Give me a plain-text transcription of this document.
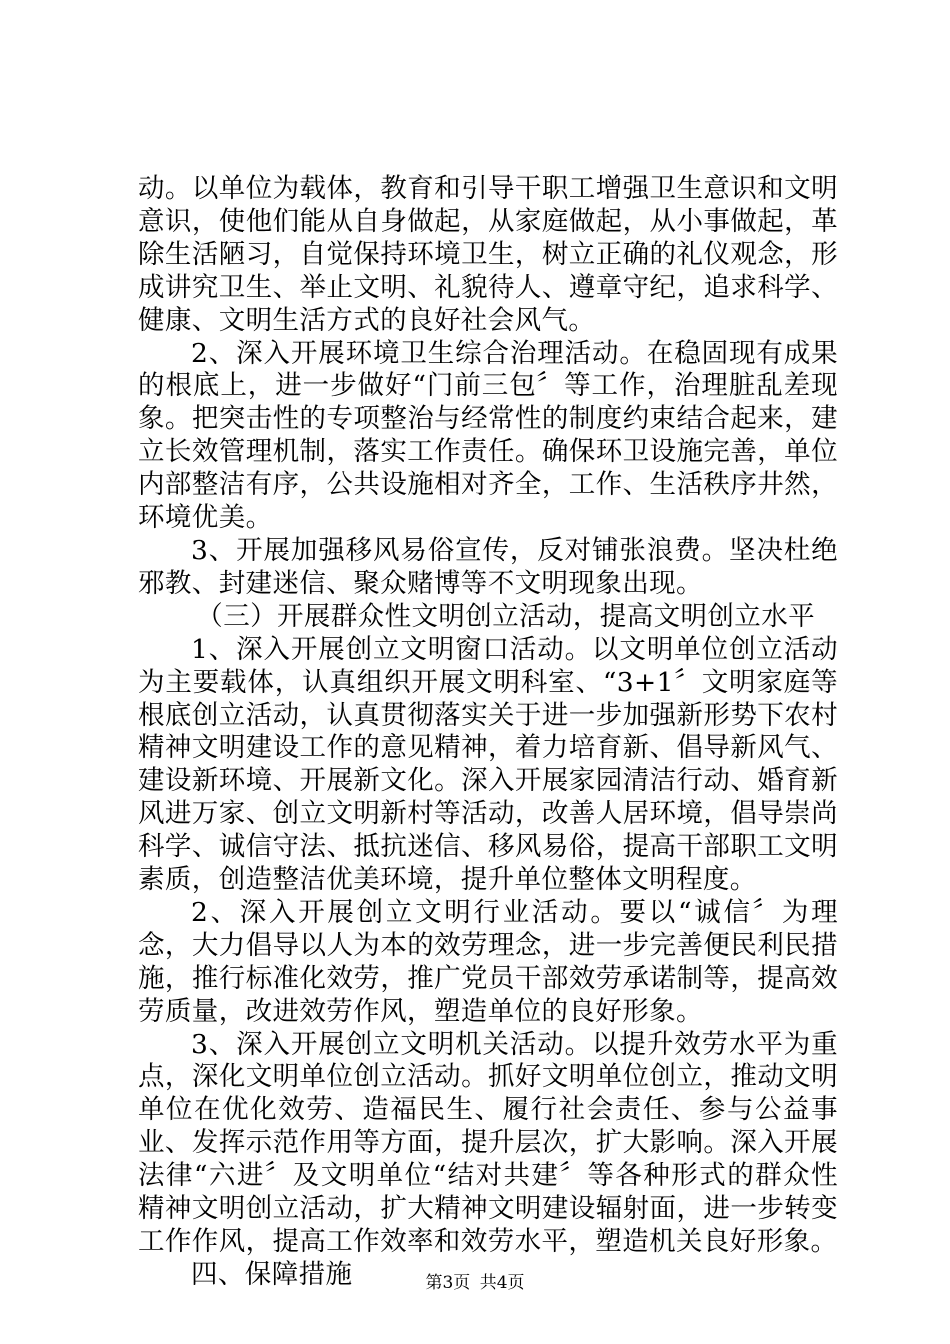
动。以单位为载体，教育和引导干职工增强卫生意识和文明意识，使他们能从自身做起，从家庭做起，从小事做起，革除生活陋习，自觉保持环境卫生，树立正确的礼仪观念，形成讲究卫生、举止文明、礼貌待人、遵章守纪，追求科学、健康、文明生活方式的良好社会风气。

2、深入开展环境卫生综合治理活动。在稳固现有成果的根底上，进一步做好“门前三包〞等工作，治理脏乱差现象。把突击性的专项整治与经常性的制度约束结合起来，建立长效管理机制，落实工作责任。确保环卫设施完善，单位内部整洁有序，公共设施相对齐全，工作、生活秩序井然，环境优美。

3、开展加强移风易俗宣传，反对铺张浪费。坚决杜绝邪教、封建迷信、聚众赌博等不文明现象出现。

（三）开展群众性文明创立活动，提高文明创立水平

1、深入开展创立文明窗口活动。以文明单位创立活动为主要载体，认真组织开展文明科室、“3+1〞文明家庭等根底创立活动，认真贯彻落实关于进一步加强新形势下农村精神文明建设工作的意见精神，着力培育新、倡导新风气、建设新环境、开展新文化。深入开展家园清洁行动、婚育新风进万家、创立文明新村等活动，改善人居环境，倡导崇尚科学、诚信守法、抵抗迷信、移风易俗，提高干部职工文明素质，创造整洁优美环境，提升单位整体文明程度。

2、深入开展创立文明行业活动。要以“诚信〞为理念，大力倡导以人为本的效劳理念，进一步完善便民利民措施，推行标准化效劳，推广党员干部效劳承诺制等，提高效劳质量，改进效劳作风，塑造单位的良好形象。

3、深入开展创立文明机关活动。以提升效劳水平为重点，深化文明单位创立活动。抓好文明单位创立，推动文明单位在优化效劳、造福民生、履行社会责任、参与公益事业、发挥示范作用等方面，提升层次，扩大影响。深入开展法律“六进〞及文明单位“结对共建〞等各种形式的群众性精神文明创立活动，扩大精神文明建设辐射面，进一步转变工作作风，提高工作效率和效劳水平，塑造机关良好形象。

四、保障措施	第3页 共4页
